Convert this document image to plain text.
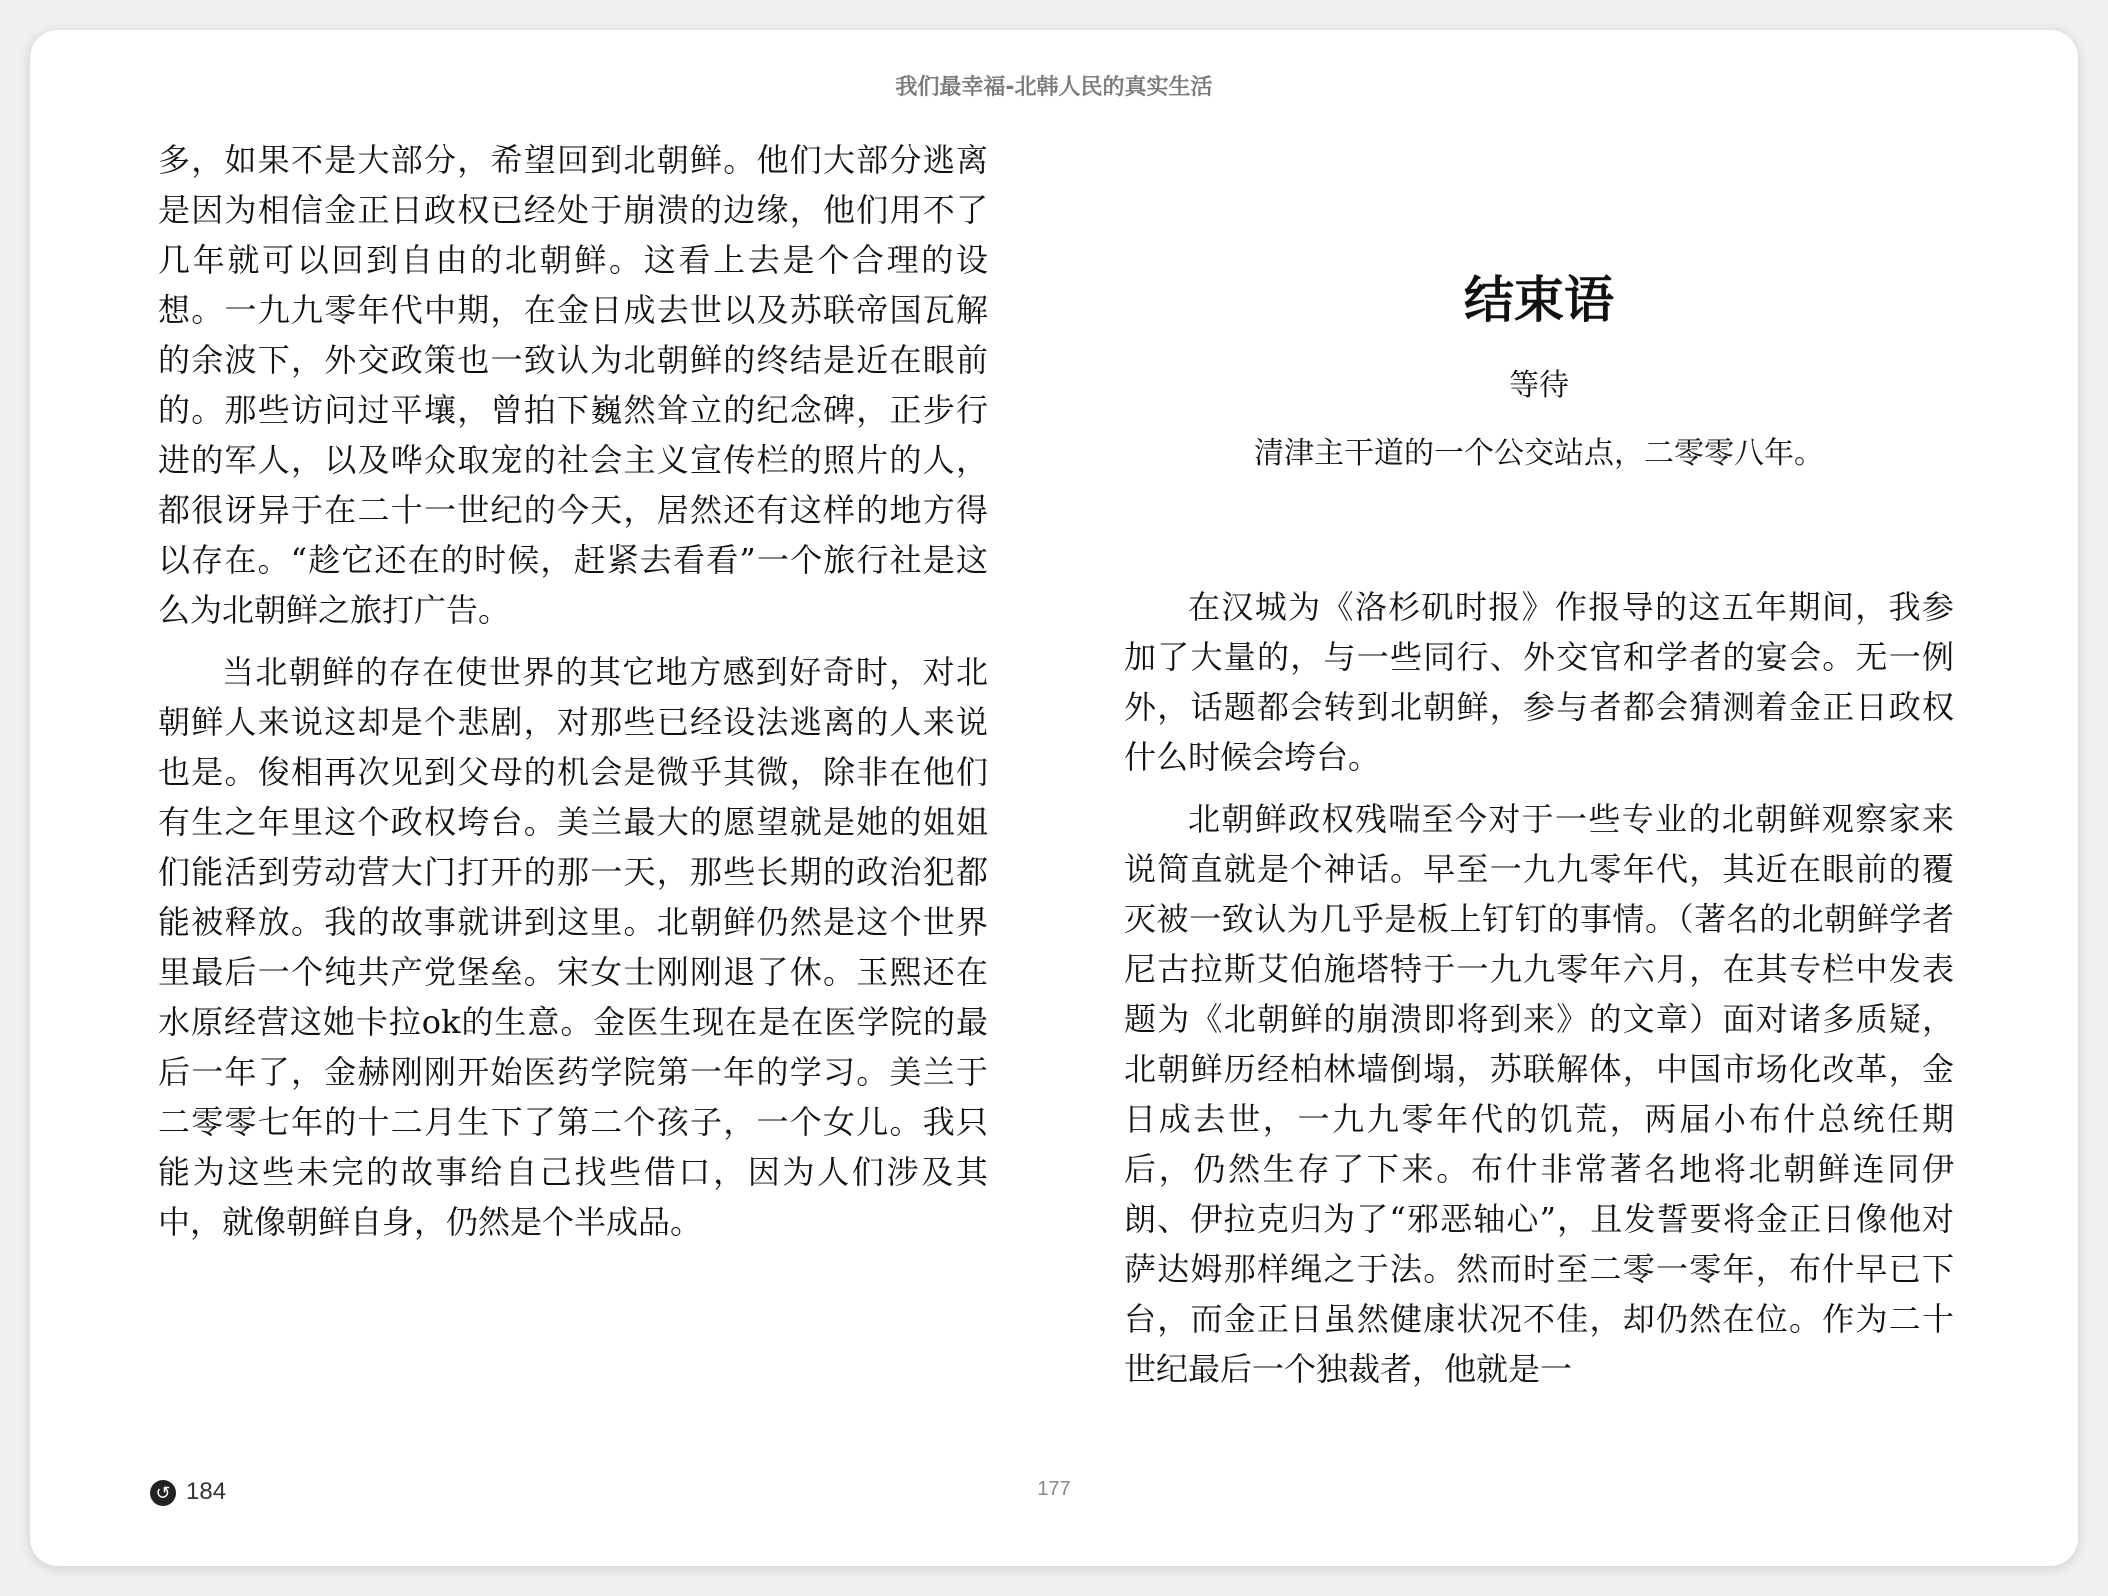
我们最幸福-北韩人民的真实生活

多，如果不是大部分，希望回到北朝鲜。他们大部分逃离是因为相信金正日政权已经处于崩溃的边缘，他们用不了几年就可以回到自由的北朝鲜。这看上去是个合理的设想。一九九零年代中期，在金日成去世以及苏联帝国瓦解的余波下，外交政策也一致认为北朝鲜的终结是近在眼前的。那些访问过平壤，曾拍下巍然耸立的纪念碑，正步行进的军人，以及哗众取宠的社会主义宣传栏的照片的人，都很讶异于在二十一世纪的今天，居然还有这样的地方得以存在。“趁它还在的时候，赶紧去看看”一个旅行社是这么为北朝鲜之旅打广告。

当北朝鲜的存在使世界的其它地方感到好奇时，对北朝鲜人来说这却是个悲剧，对那些已经设法逃离的人来说也是。俊相再次见到父母的机会是微乎其微，除非在他们有生之年里这个政权垮台。美兰最大的愿望就是她的姐姐们能活到劳动营大门打开的那一天，那些长期的政治犯都能被释放。我的故事就讲到这里。北朝鲜仍然是这个世界里最后一个纯共产党堡垒。宋女士刚刚退了休。玉熙还在水原经营这她卡拉ok的生意。金医生现在是在医学院的最后一年了，金赫刚刚开始医药学院第一年的学习。美兰于二零零七年的十二月生下了第二个孩子，一个女儿。我只能为这些未完的故事给自己找些借口，因为人们涉及其中，就像朝鲜自身，仍然是个半成品。

结束语
等待
清津主干道的一个公交站点，二零零八年。

在汉城为《洛杉矶时报》作报导的这五年期间，我参加了大量的，与一些同行、外交官和学者的宴会。无一例外，话题都会转到北朝鲜，参与者都会猜测着金正日政权什么时候会垮台。

北朝鲜政权残喘至今对于一些专业的北朝鲜观察家来说简直就是个神话。早至一九九零年代，其近在眼前的覆灭被一致认为几乎是板上钉钉的事情。（著名的北朝鲜学者尼古拉斯艾伯施塔特于一九九零年六月，在其专栏中发表题为《北朝鲜的崩溃即将到来》的文章）面对诸多质疑，北朝鲜历经柏林墙倒塌，苏联解体，中国市场化改革，金日成去世，一九九零年代的饥荒，两届小布什总统任期后，仍然生存了下来。布什非常著名地将北朝鲜连同伊朗、伊拉克归为了“邪恶轴心”，且发誓要将金正日像他对萨达姆那样绳之于法。然而时至二零一零年，布什早已下台，而金正日虽然健康状况不佳，却仍然在位。作为二十世纪最后一个独裁者，他就是一

↺ 184	177
